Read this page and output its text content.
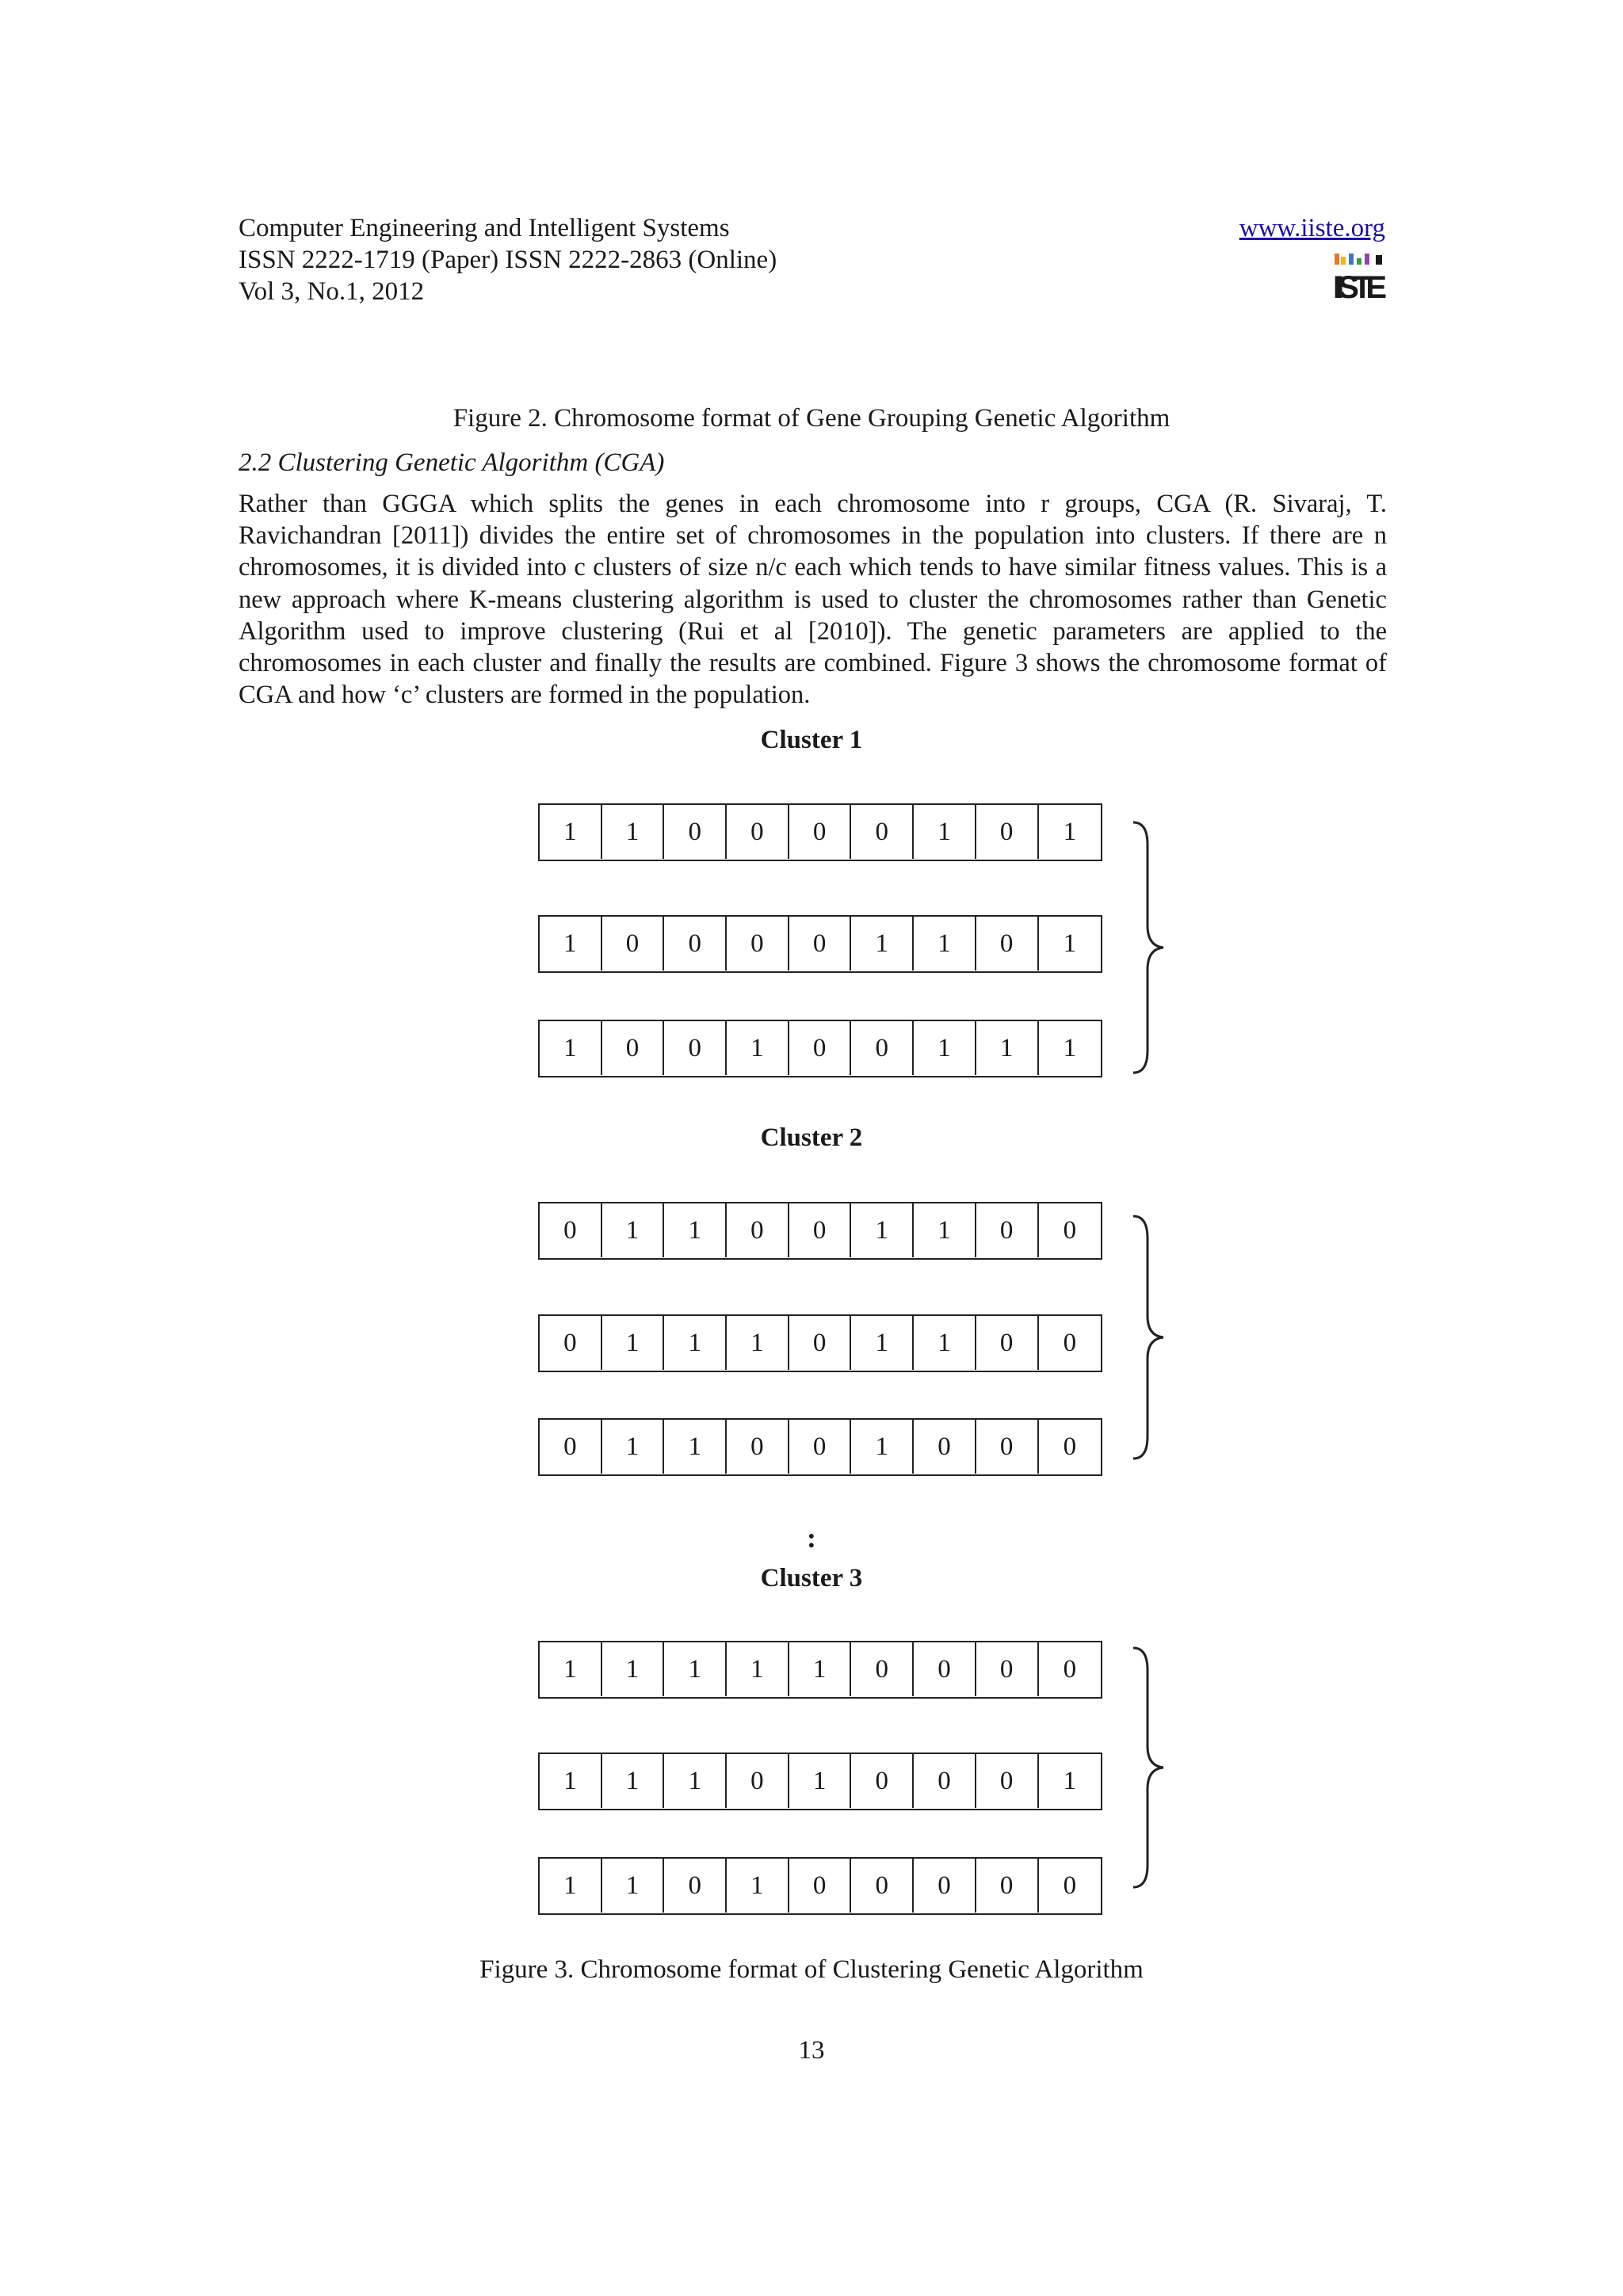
Computer Engineering and Intelligent Systems
ISSN 2222-1719 (Paper) ISSN 2222-2863 (Online)
Vol 3, No.1, 2012
www.iiste.org
IISTE
Figure 2. Chromosome format of Gene Grouping Genetic Algorithm
2.2 Clustering Genetic Algorithm (CGA)

Rather than GGGA which splits the genes in each chromosome into r groups, CGA (R. Sivaraj, T. Ravichandran [2011]) divides the entire set of chromosomes in the population into clusters. If there are n chromosomes, it is divided into c clusters of size n/c each which tends to have similar fitness values. This is a new approach where K-means clustering algorithm is used to cluster the chromosomes rather than Genetic Algorithm used to improve clustering (Rui et al [2010]). The genetic parameters are applied to the chromosomes in each cluster and finally the results are combined. Figure 3 shows the chromosome format of CGA and how ‘c’ clusters are formed in the population.

Cluster 1
1	1	0	0	0	0	1	0	1
1	0	0	0	0	1	1	0	1
1	0	0	1	0	0	1	1	1
Cluster 2
0	1	1	0	0	1	1	0	0
0	1	1	1	0	1	1	0	0
0	1	1	0	0	1	0	0	0
:
Cluster 3
1	1	1	1	1	0	0	0	0
1	1	1	0	1	0	0	0	1
1	1	0	1	0	0	0	0	0
Figure 3. Chromosome format of Clustering Genetic Algorithm
13
